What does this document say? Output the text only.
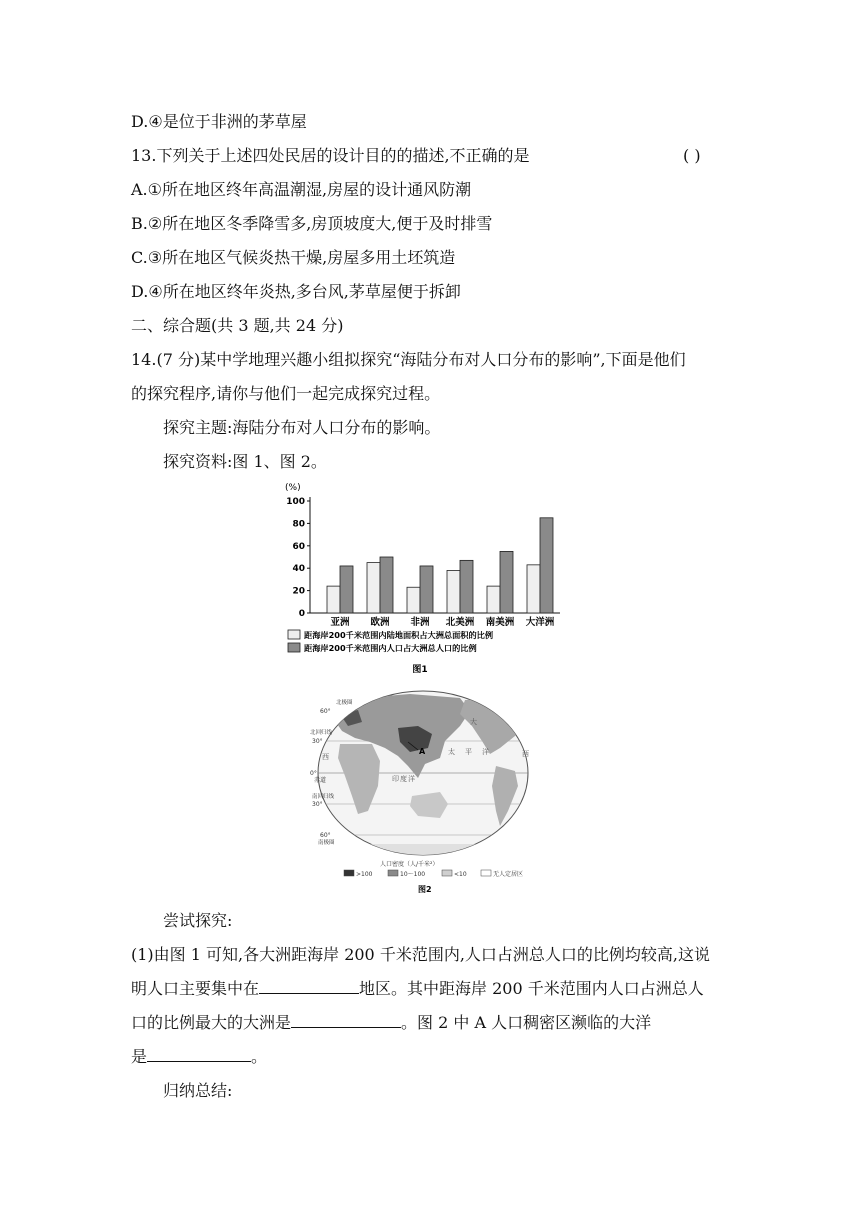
D.④是位于非洲的茅草屋
13.下列关于上述四处民居的设计目的的描述,不正确的是	( )
A.①所在地区终年高温潮湿,房屋的设计通风防潮
B.②所在地区冬季降雪多,房顶坡度大,便于及时排雪
C.③所在地区气候炎热干燥,房屋多用土坯筑造
D.④所在地区终年炎热,多台风,茅草屋便于拆卸
二、综合题(共 3 题,共 24 分)
14.(7 分)某中学地理兴趣小组拟探究“海陆分布对人口分布的影响”,下面是他们
的探究程序,请你与他们一起完成探究过程。
探究主题:海陆分布对人口分布的影响。
探究资料:图 1、图 2。
(%)
0
20
40
60
80
100
亚洲 欧洲 非洲 北美洲 南美洲 大洋洲
距海岸200千米范围内陆地面积占大洲总面积的比例
距海岸200千米范围内人口占大洲总人口的比例
图1
A
60°
30°
0°
30°
60°
大
西
太 平 洋
西
赤道	印 度 洋
北回归线
南回归线
南极圈
北极圈
人口密度（人/千米²）
>100	10～100	<10	无人定居区
图2
尝试探究:
(1)由图 1 可知,各大洲距海岸 200 千米范围内,人口占洲总人口的比例均较高,这说
明人口主要集中在	地区。其中距海岸 200 千米范围内人口占洲总人
口的比例最大的大洲是	。图 2 中 A 人口稠密区濒临的大洋
是	。
归纳总结:
